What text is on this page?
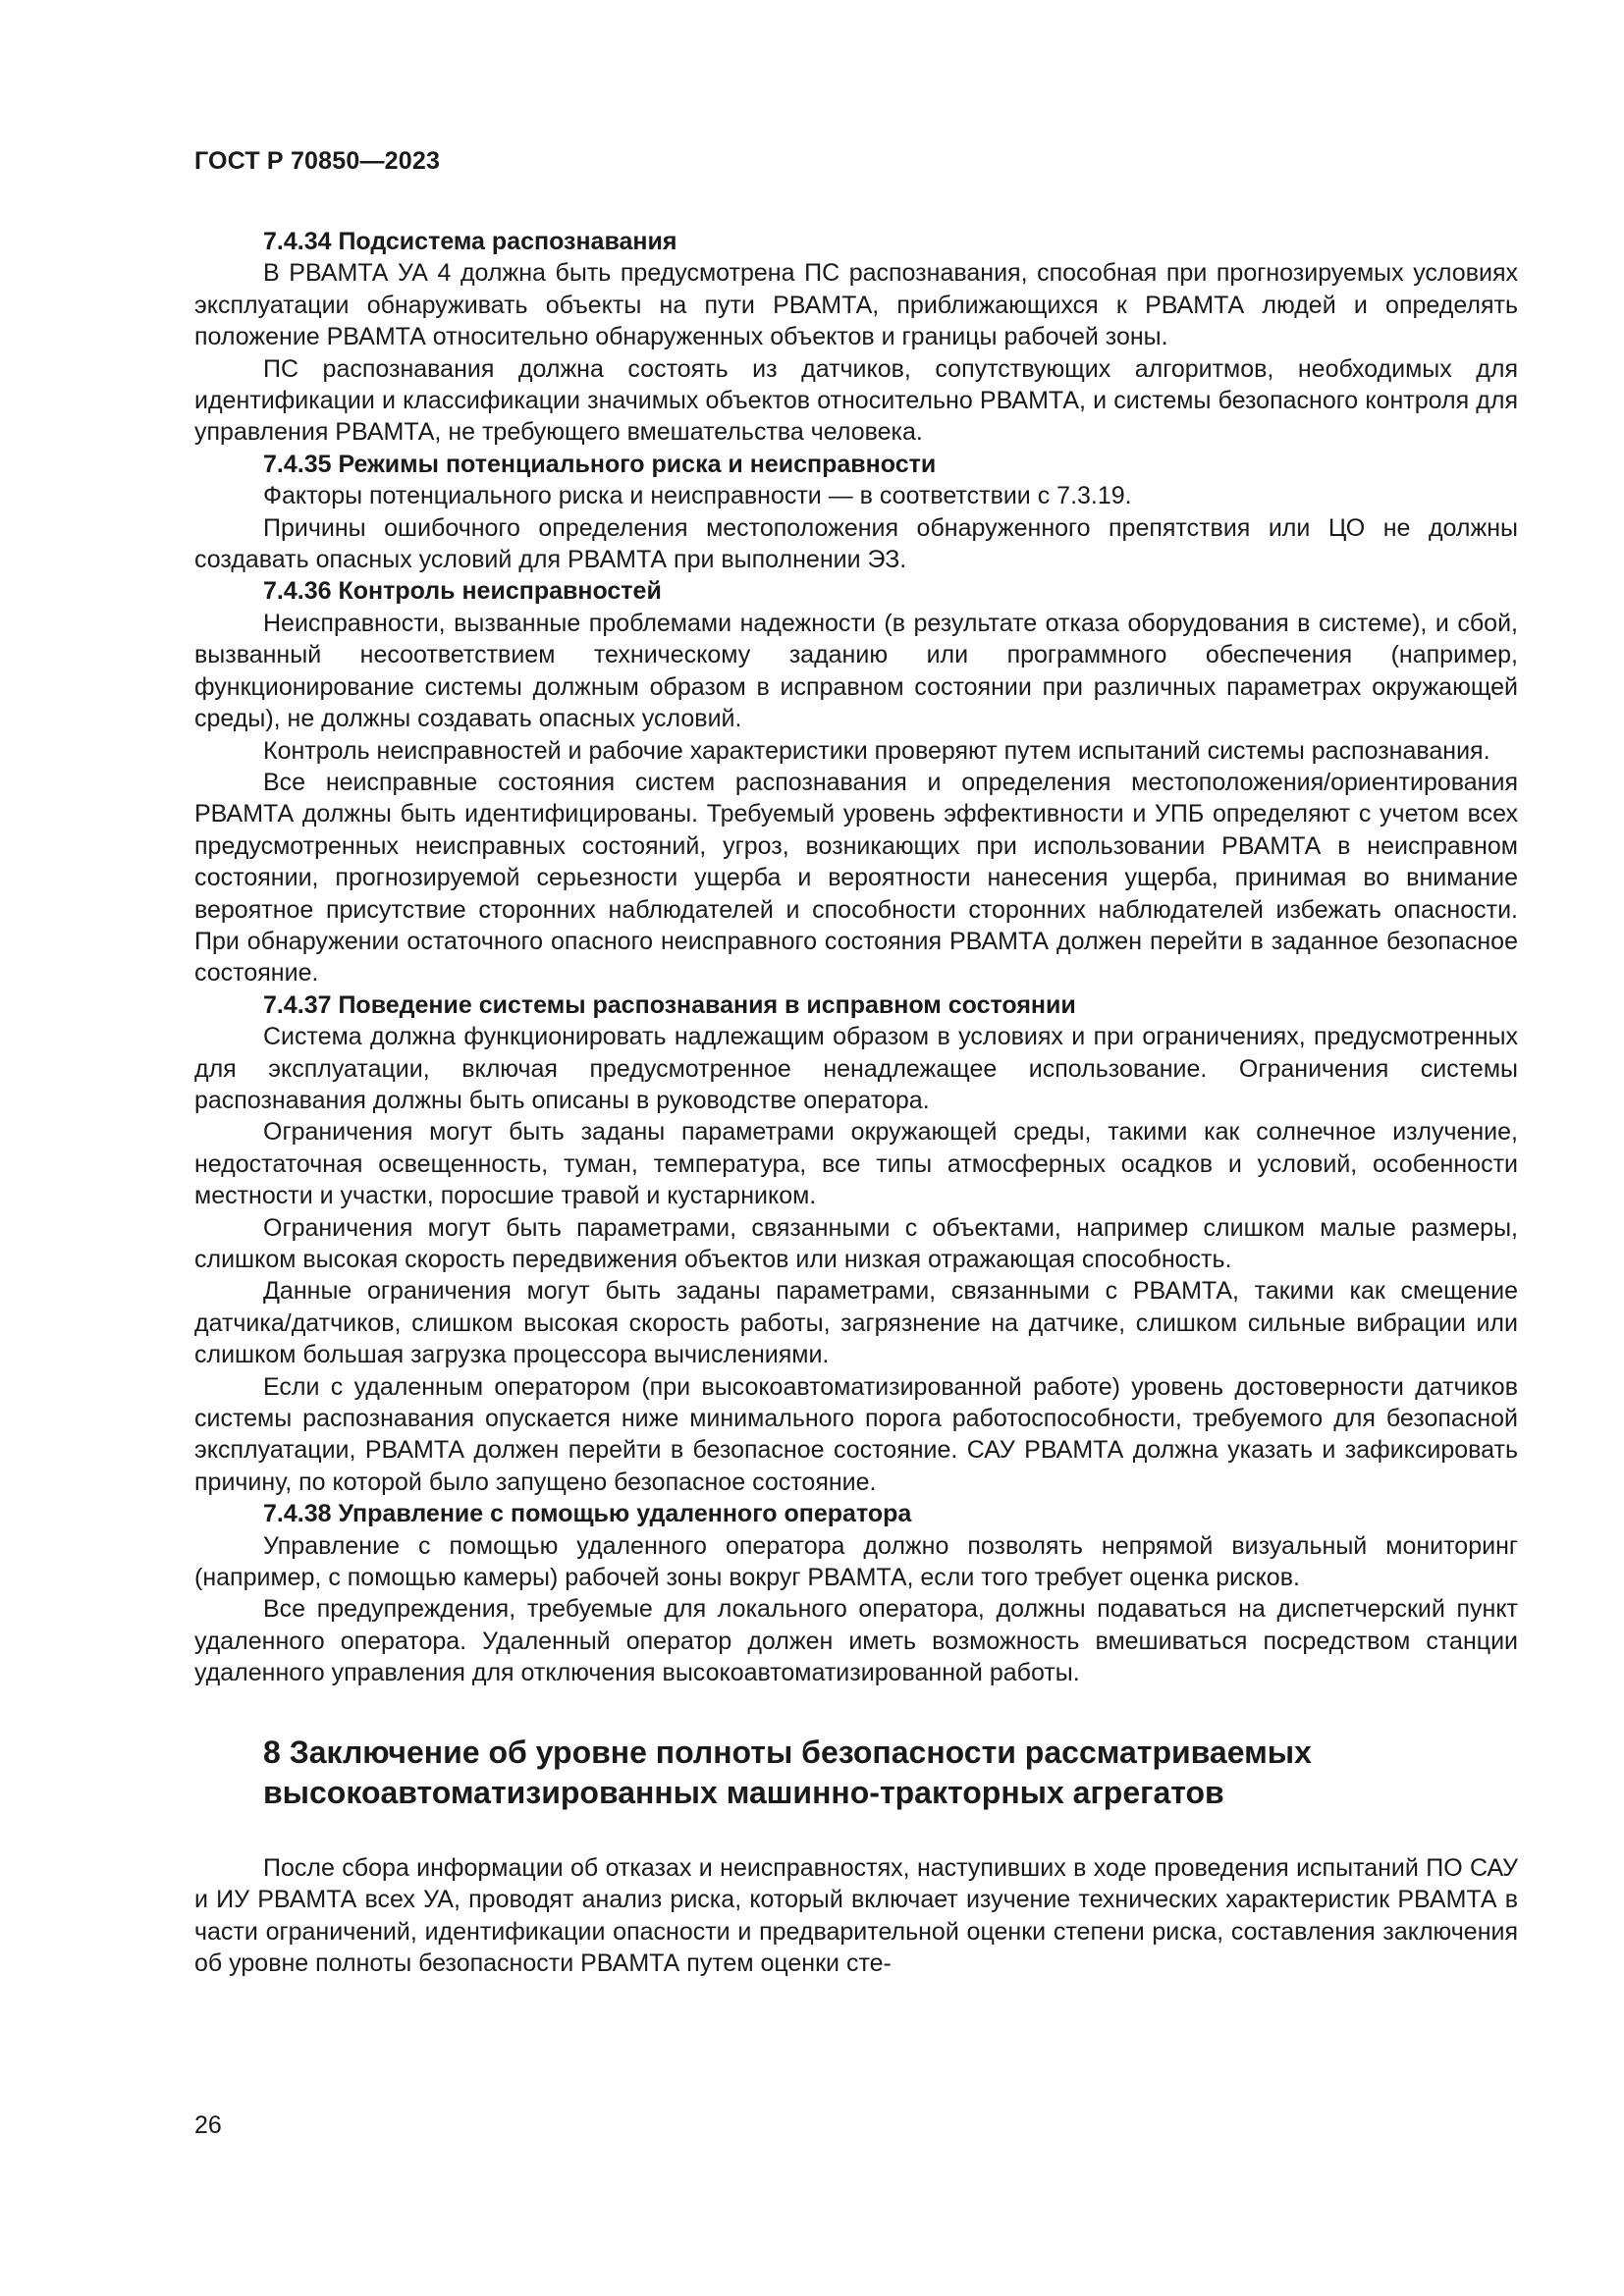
ГОСТ Р 70850—2023
7.4.34 Подсистема распознавания

В РВАМТА УА 4 должна быть предусмотрена ПС распознавания, способная при прогнозируемых условиях эксплуатации обнаруживать объекты на пути РВАМТА, приближающихся к РВАМТА людей и определять положение РВАМТА относительно обнаруженных объектов и границы рабочей зоны.

ПС распознавания должна состоять из датчиков, сопутствующих алгоритмов, необходимых для идентификации и классификации значимых объектов относительно РВАМТА, и системы безопасного контроля для управления РВАМТА, не требующего вмешательства человека.

7.4.35 Режимы потенциального риска и неисправности

Факторы потенциального риска и неисправности — в соответствии с 7.3.19.

Причины ошибочного определения местоположения обнаруженного препятствия или ЦО не должны создавать опасных условий для РВАМТА при выполнении ЭЗ.

7.4.36 Контроль неисправностей

Неисправности, вызванные проблемами надежности (в результате отказа оборудования в системе), и сбой, вызванный несоответствием техническому заданию или программного обеспечения (например, функционирование системы должным образом в исправном состоянии при различных параметрах окружающей среды), не должны создавать опасных условий.

Контроль неисправностей и рабочие характеристики проверяют путем испытаний системы распознавания.

Все неисправные состояния систем распознавания и определения местоположения/ориентирования РВАМТА должны быть идентифицированы. Требуемый уровень эффективности и УПБ определяют с учетом всех предусмотренных неисправных состояний, угроз, возникающих при использовании РВАМТА в неисправном состоянии, прогнозируемой серьезности ущерба и вероятности нанесения ущерба, принимая во внимание вероятное присутствие сторонних наблюдателей и способности сторонних наблюдателей избежать опасности. При обнаружении остаточного опасного неисправного состояния РВАМТА должен перейти в заданное безопасное состояние.

7.4.37 Поведение системы распознавания в исправном состоянии

Система должна функционировать надлежащим образом в условиях и при ограничениях, предусмотренных для эксплуатации, включая предусмотренное ненадлежащее использование. Ограничения системы распознавания должны быть описаны в руководстве оператора.

Ограничения могут быть заданы параметрами окружающей среды, такими как солнечное излучение, недостаточная освещенность, туман, температура, все типы атмосферных осадков и условий, особенности местности и участки, поросшие травой и кустарником.

Ограничения могут быть параметрами, связанными с объектами, например слишком малые размеры, слишком высокая скорость передвижения объектов или низкая отражающая способность.

Данные ограничения могут быть заданы параметрами, связанными с РВАМТА, такими как смещение датчика/датчиков, слишком высокая скорость работы, загрязнение на датчике, слишком сильные вибрации или слишком большая загрузка процессора вычислениями.

Если с удаленным оператором (при высокоавтоматизированной работе) уровень достоверности датчиков системы распознавания опускается ниже минимального порога работоспособности, требуемого для безопасной эксплуатации, РВАМТА должен перейти в безопасное состояние. САУ РВАМТА должна указать и зафиксировать причину, по которой было запущено безопасное состояние.

7.4.38 Управление с помощью удаленного оператора

Управление с помощью удаленного оператора должно позволять непрямой визуальный мониторинг (например, с помощью камеры) рабочей зоны вокруг РВАМТА, если того требует оценка рисков.

Все предупреждения, требуемые для локального оператора, должны подаваться на диспетчерский пункт удаленного оператора. Удаленный оператор должен иметь возможность вмешиваться посредством станции удаленного управления для отключения высокоавтоматизированной работы.

8 Заключение об уровне полноты безопасности рассматриваемых высокоавтоматизированных машинно-тракторных агрегатов

После сбора информации об отказах и неисправностях, наступивших в ходе проведения испытаний ПО САУ и ИУ РВАМТА всех УА, проводят анализ риска, который включает изучение технических характеристик РВАМТА в части ограничений, идентификации опасности и предварительной оценки степени риска, составления заключения об уровне полноты безопасности РВАМТА путем оценки сте-

26
